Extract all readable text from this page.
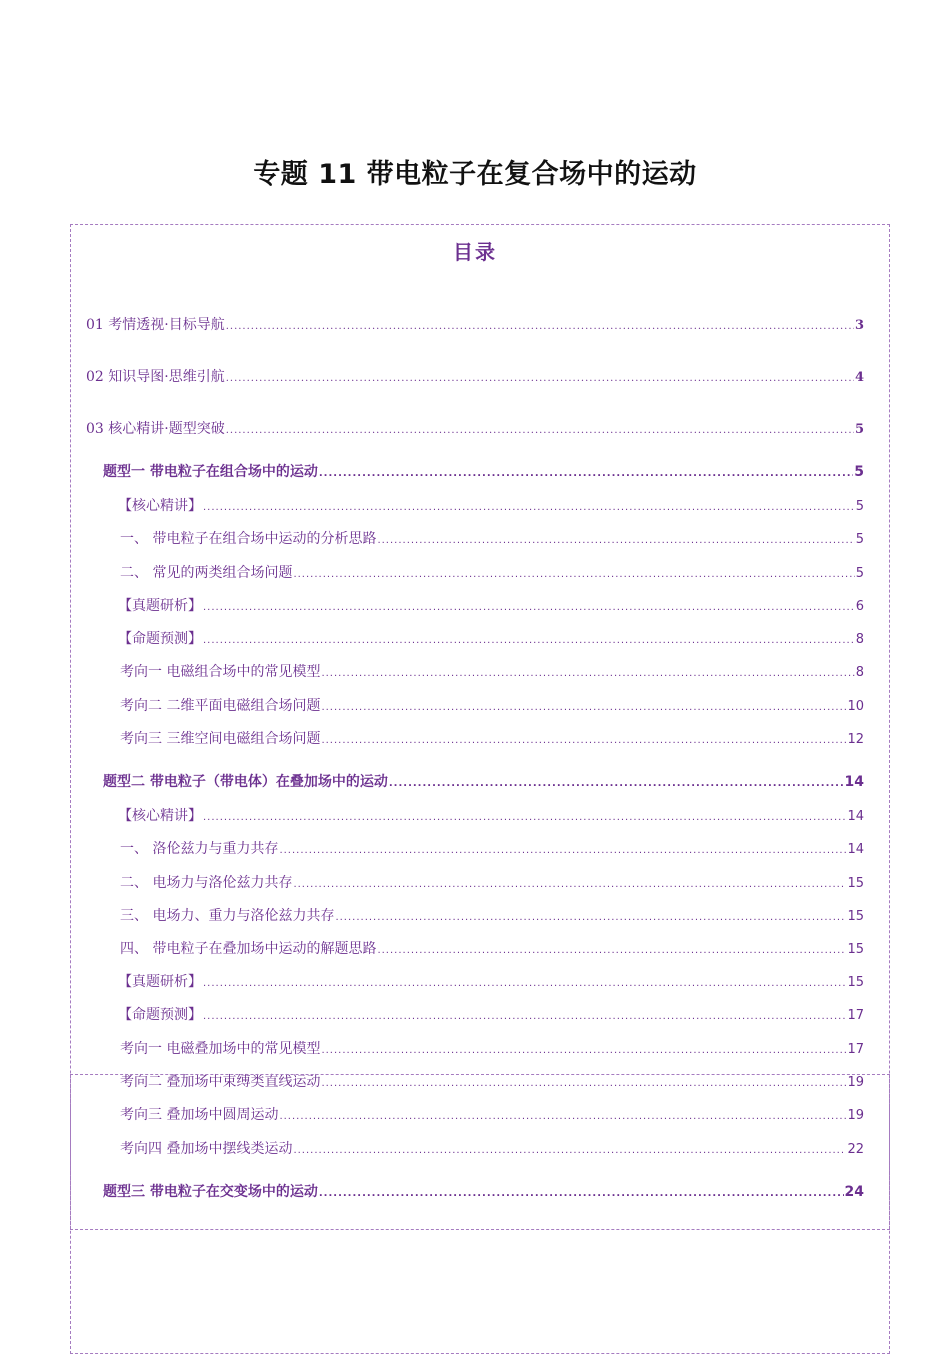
专题 11 带电粒子在复合场中的运动
目录
01 考情透视·目标导航 .....	3
02 知识导图·思维引航 .....	4
03 核心精讲·题型突破 .....	5
题型一 带电粒子在组合场中的运动 .....	5
【核心精讲】 .....	5
一、 带电粒子在组合场中运动的分析思路 .....	5
二、 常见的两类组合场问题 .....	5
【真题研析】 .....	6
【命题预测】 .....	8
考向一 电磁组合场中的常见模型 .....	8
考向二 二维平面电磁组合场问题 .....	10
考向三 三维空间电磁组合场问题 .....	12
题型二 带电粒子（带电体）在叠加场中的运动 .....	14
【核心精讲】 .....	14
一、 洛伦兹力与重力共存 .....	14
二、 电场力与洛伦兹力共存 .....	15
三、 电场力、重力与洛伦兹力共存 .....	15
四、 带电粒子在叠加场中运动的解题思路 .....	15
【真题研析】 .....	15
【命题预测】 .....	17
考向一 电磁叠加场中的常见模型 .....	17
考向二 叠加场中束缚类直线运动 .....	19
考向三 叠加场中圆周运动 .....	19
考向四 叠加场中摆线类运动 .....	22
题型三 带电粒子在交变场中的运动 .....	24
